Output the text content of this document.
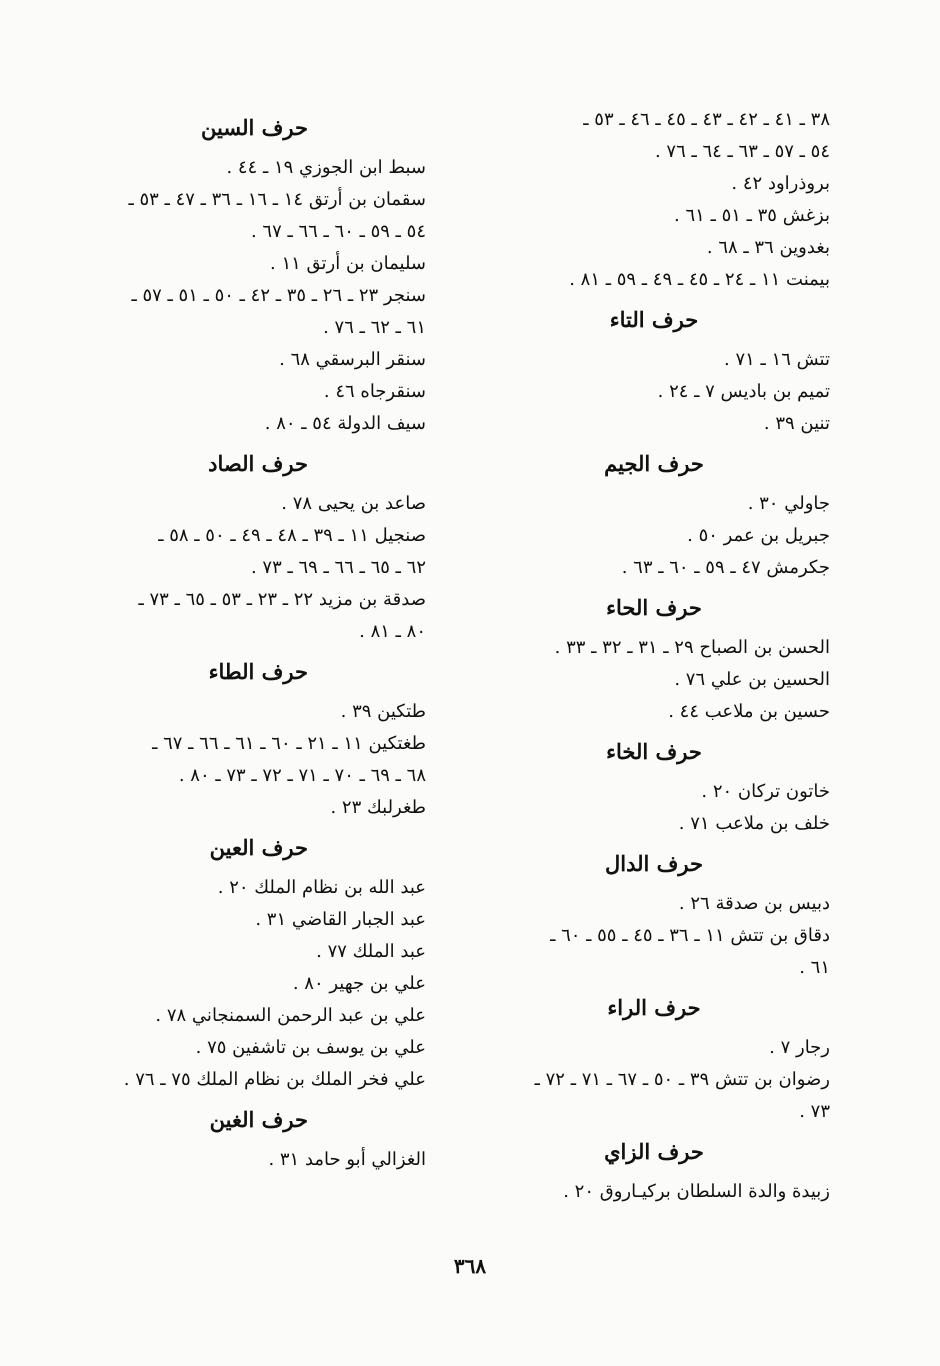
٣٨ ـ ٤١ ـ ٤٢ ـ ٤٣ ـ ٤٥ ـ ٤٦ ـ ٥٣ ـ
٥٤ ـ ٥٧ ـ ٦٣ ـ ٦٤ ـ ٧٦ .
بروذراود ٤٢ .
بزغش ٣٥ ـ ٥١ ـ ٦١ .
بغدوين ٣٦ ـ ٦٨ .
بيمنت ١١ ـ ٢٤ ـ ٤٥ ـ ٤٩ ـ ٥٩ ـ ٨١ .
حرف التاء
تتش ١٦ ـ ٧١ .
تميم بن باديس ٧ ـ ٢٤ .
تنين ٣٩ .
حرف الجيم
جاولي ٣٠ .
جبريل بن عمر ٥٠ .
جكرمش ٤٧ ـ ٥٩ ـ ٦٠ ـ ٦٣ .
حرف الحاء
الحسن بن الصباح ٢٩ ـ ٣١ ـ ٣٢ ـ ٣٣ .
الحسين بن علي ٧٦ .
حسين بن ملاعب ٤٤ .
حرف الخاء
خاتون تركان ٢٠ .
خلف بن ملاعب ٧١ .
حرف الدال
دبيس بن صدقة ٢٦ .
دقاق بن تتش ١١ ـ ٣٦ ـ ٤٥ ـ ٥٥ ـ ٦٠ ـ
٦١ .
حرف الراء
رجار ٧ .
رضوان بن تتش ٣٩ ـ ٥٠ ـ ٦٧ ـ ٧١ ـ ٧٢ ـ
٧٣ .
حرف الزاي
زبيدة والدة السلطان بركيـاروق ٢٠ .
حرف السين
سبط ابن الجوزي ١٩ ـ ٤٤ .
سقمان بن أرتق ١٤ ـ ١٦ ـ ٣٦ ـ ٤٧ ـ ٥٣ ـ
٥٤ ـ ٥٩ ـ ٦٠ ـ ٦٦ ـ ٦٧ .
سليمان بن أرتق ١١ .
سنجر ٢٣ ـ ٢٦ ـ ٣٥ ـ ٤٢ ـ ٥٠ ـ ٥١ ـ ٥٧ ـ
٦١ ـ ٦٢ ـ ٧٦ .
سنقر البرسقي ٦٨ .
سنقرجاه ٤٦ .
سيف الدولة ٥٤ ـ ٨٠ .
حرف الصاد
صاعد بن يحيى ٧٨ .
صنجيل ١١ ـ ٣٩ ـ ٤٨ ـ ٤٩ ـ ٥٠ ـ ٥٨ ـ
٦٢ ـ ٦٥ ـ ٦٦ ـ ٦٩ ـ ٧٣ .
صدقة بن مزيد ٢٢ ـ ٢٣ ـ ٥٣ ـ ٦٥ ـ ٧٣ ـ
٨٠ ـ ٨١ .
حرف الطاء
طتكين ٣٩ .
طغتكين ١١ ـ ٢١ ـ ٦٠ ـ ٦١ ـ ٦٦ ـ ٦٧ ـ
٦٨ ـ ٦٩ ـ ٧٠ ـ ٧١ ـ ٧٢ ـ ٧٣ ـ ٨٠ .
طغرلبك ٢٣ .
حرف العين
عبد الله بن نظام الملك ٢٠ .
عبد الجبار القاضي ٣١ .
عبد الملك ٧٧ .
علي بن جهير ٨٠ .
علي بن عبد الرحمن السمنجاني ٧٨ .
علي بن يوسف بن تاشفين ٧٥ .
علي فخر الملك بن نظام الملك ٧٥ ـ ٧٦ .
حرف الغين
الغزالي أبو حامد ٣١ .
٣٦٨
